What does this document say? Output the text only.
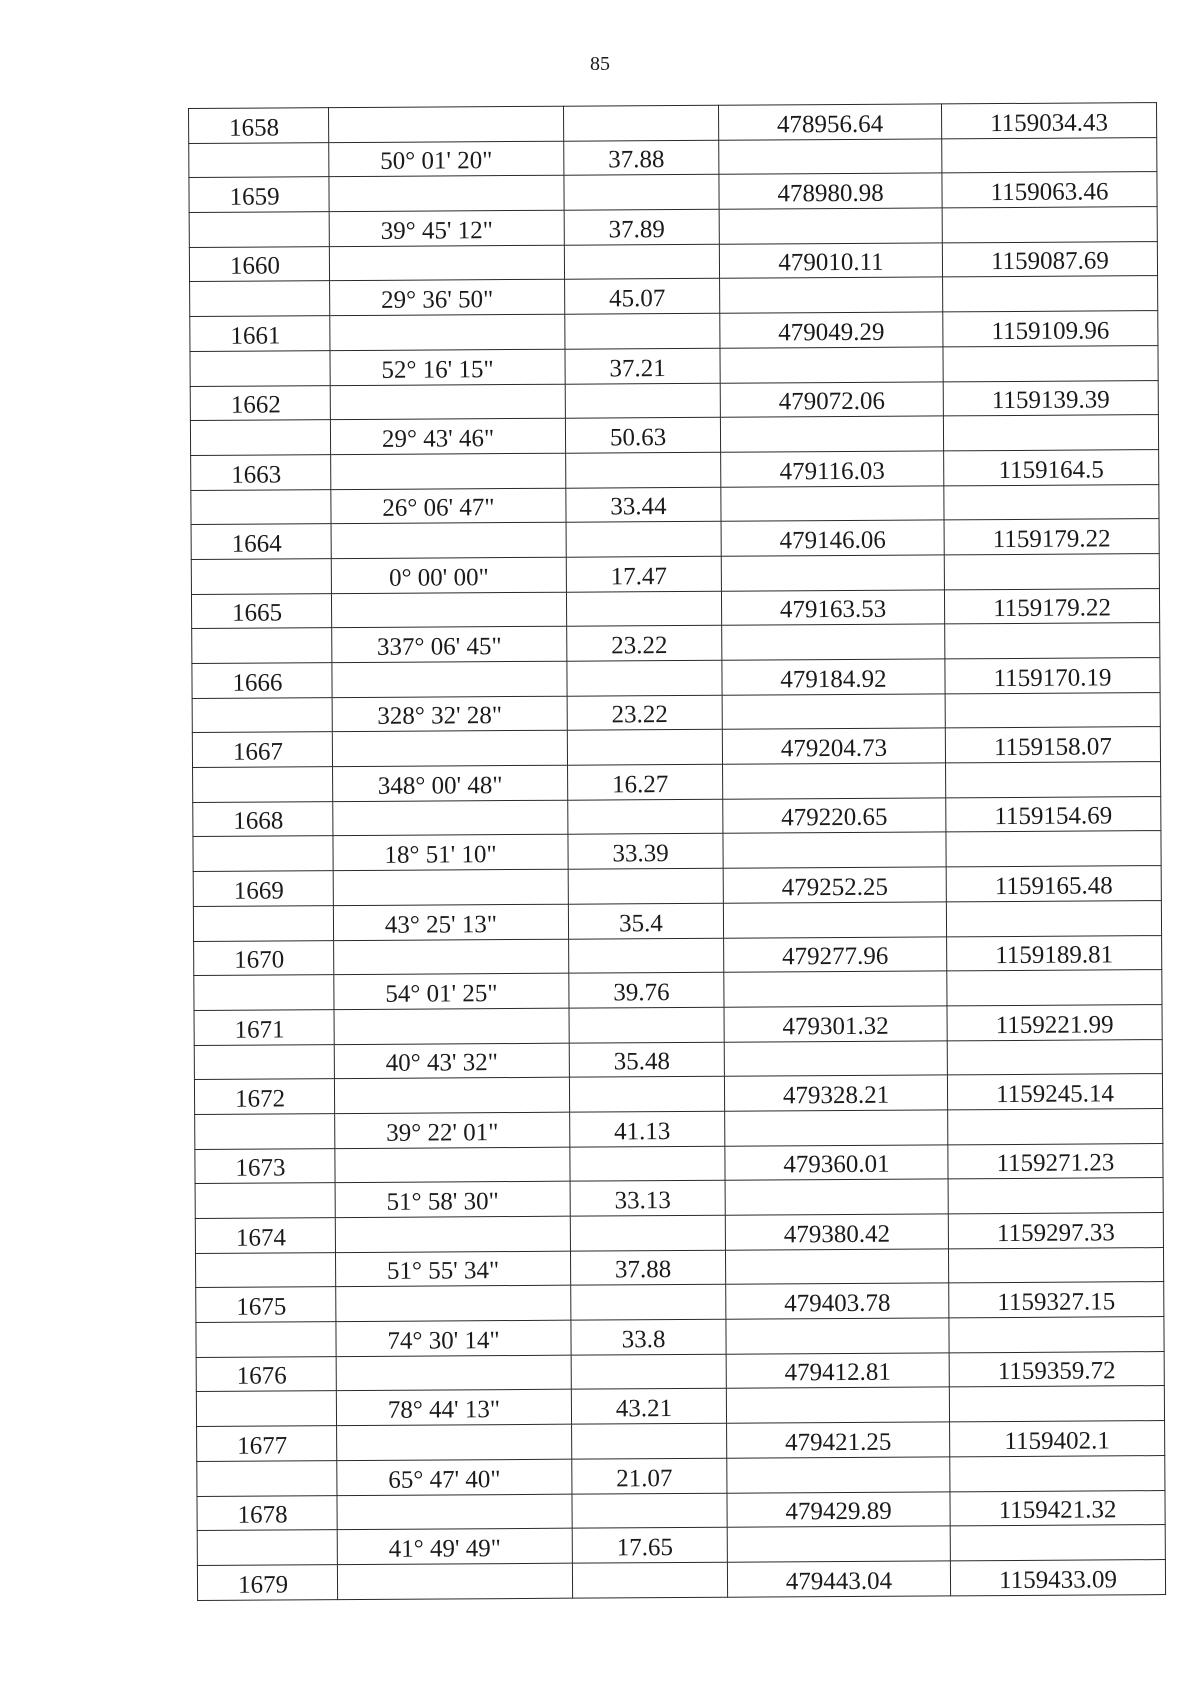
85
1658			478956.64	1159034.43
	50° 01' 20"	37.88		
1659			478980.98	1159063.46
	39° 45' 12"	37.89		
1660			479010.11	1159087.69
	29° 36' 50"	45.07		
1661			479049.29	1159109.96
	52° 16' 15"	37.21		
1662			479072.06	1159139.39
	29° 43' 46"	50.63		
1663			479116.03	1159164.5
	26° 06' 47"	33.44		
1664			479146.06	1159179.22
	0° 00' 00"	17.47		
1665			479163.53	1159179.22
	337° 06' 45"	23.22		
1666			479184.92	1159170.19
	328° 32' 28"	23.22		
1667			479204.73	1159158.07
	348° 00' 48"	16.27		
1668			479220.65	1159154.69
	18° 51' 10"	33.39		
1669			479252.25	1159165.48
	43° 25' 13"	35.4		
1670			479277.96	1159189.81
	54° 01' 25"	39.76		
1671			479301.32	1159221.99
	40° 43' 32"	35.48		
1672			479328.21	1159245.14
	39° 22' 01"	41.13		
1673			479360.01	1159271.23
	51° 58' 30"	33.13		
1674			479380.42	1159297.33
	51° 55' 34"	37.88		
1675			479403.78	1159327.15
	74° 30' 14"	33.8		
1676			479412.81	1159359.72
	78° 44' 13"	43.21		
1677			479421.25	1159402.1
	65° 47' 40"	21.07		
1678			479429.89	1159421.32
	41° 49' 49"	17.65		
1679			479443.04	1159433.09
